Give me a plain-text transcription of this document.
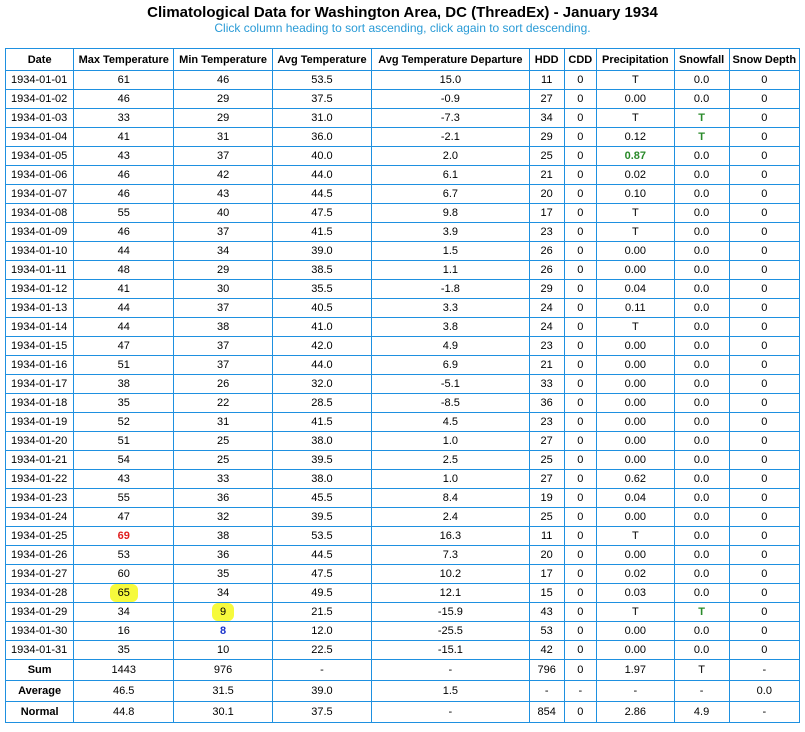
Climatological Data for Washington Area, DC (ThreadEx) - January 1934
Click column heading to sort ascending, click again to sort descending.
Date	Max Temperature	Min Temperature	Avg Temperature	Avg Temperature Departure	HDD	CDD	Precipitation	Snowfall	Snow Depth
1934-01-01	61	46	53.5	15.0	11	0	T	0.0	0
1934-01-02	46	29	37.5	-0.9	27	0	0.00	0.0	0
1934-01-03	33	29	31.0	-7.3	34	0	T	T	0
1934-01-04	41	31	36.0	-2.1	29	0	0.12	T	0
1934-01-05	43	37	40.0	2.0	25	0	0.87	0.0	0
1934-01-06	46	42	44.0	6.1	21	0	0.02	0.0	0
1934-01-07	46	43	44.5	6.7	20	0	0.10	0.0	0
1934-01-08	55	40	47.5	9.8	17	0	T	0.0	0
1934-01-09	46	37	41.5	3.9	23	0	T	0.0	0
1934-01-10	44	34	39.0	1.5	26	0	0.00	0.0	0
1934-01-11	48	29	38.5	1.1	26	0	0.00	0.0	0
1934-01-12	41	30	35.5	-1.8	29	0	0.04	0.0	0
1934-01-13	44	37	40.5	3.3	24	0	0.11	0.0	0
1934-01-14	44	38	41.0	3.8	24	0	T	0.0	0
1934-01-15	47	37	42.0	4.9	23	0	0.00	0.0	0
1934-01-16	51	37	44.0	6.9	21	0	0.00	0.0	0
1934-01-17	38	26	32.0	-5.1	33	0	0.00	0.0	0
1934-01-18	35	22	28.5	-8.5	36	0	0.00	0.0	0
1934-01-19	52	31	41.5	4.5	23	0	0.00	0.0	0
1934-01-20	51	25	38.0	1.0	27	0	0.00	0.0	0
1934-01-21	54	25	39.5	2.5	25	0	0.00	0.0	0
1934-01-22	43	33	38.0	1.0	27	0	0.62	0.0	0
1934-01-23	55	36	45.5	8.4	19	0	0.04	0.0	0
1934-01-24	47	32	39.5	2.4	25	0	0.00	0.0	0
1934-01-25	69	38	53.5	16.3	11	0	T	0.0	0
1934-01-26	53	36	44.5	7.3	20	0	0.00	0.0	0
1934-01-27	60	35	47.5	10.2	17	0	0.02	0.0	0
1934-01-28	65	34	49.5	12.1	15	0	0.03	0.0	0
1934-01-29	34	9	21.5	-15.9	43	0	T	T	0
1934-01-30	16	8	12.0	-25.5	53	0	0.00	0.0	0
1934-01-31	35	10	22.5	-15.1	42	0	0.00	0.0	0
Sum	1443	976	-	-	796	0	1.97	T	-
Average	46.5	31.5	39.0	1.5	-	-	-	-	0.0
Normal	44.8	30.1	37.5	-	854	0	2.86	4.9	-
